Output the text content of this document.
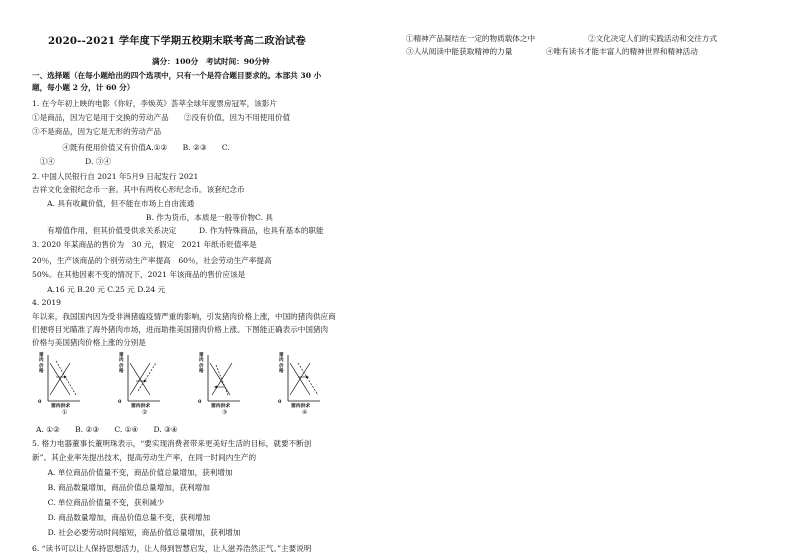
2020--2021 学年度下学期五校期末联考高二政治试卷
满分：100分　考试时间：90分钟
一、选择题（在每小题给出的四个选项中，只有一个是符合题目要求的。本部共 30 小
题，每小题 2 分，计 60 分）
1. 在今年初上映的电影《你好，李焕英》荟萃全球年度票房冠军，该影片
①是商品，因为它是用于交换的劳动产品　　②没有价值，因为不用使用价值
③不是商品，因为它是无形的劳动产品
　　　　④既有使用价值又有价值A.①②　　B. ②③　　C.
　①④　　　　D. ③④
2. 中国人民银行自 2021 年5月9 日起发行 2021
吉祥文化金银纪念币一套。其中有两枚心形纪念币。该套纪念币
　　A. 具有收藏价值，但不能在市场上自由流通
　　　　　　　　　　　　　　　B. 作为货币，本质是一般等价物C. 具
　　有增值作用，但其价值受供求关系决定　　　D. 作为特殊商品，也具有基本的职能
3. 2020 年某商品的售价为　30 元，假定　2021 年纸币贬值率是
20％，生产该商品的个别劳动生产率提高　60％，社会劳动生产率提高
50%。在其他因素不变的情况下，2021 年该商品的售价应该是
　　A.16 元 B.20 元 C.25 元 D.24 元
4. 2019
年以来，我国国内因为受非洲猪瘟疫情严重的影响，引发猪肉价格上涨，中国的猪肉供应商
们便将目光瞄准了海外猪肉市场，进而助推美国猪肉价格上涨。下图能正确表示中国猪肉
价格与美国猪肉价格上涨的分别是
A. ①②　　B. ②③　　C. ①④　　D. ③④
5. 格力电器董事长董明珠表示，“要实现消费者带来更美好生活的目标，就要不断创
新”。其企业率先提出技术，提高劳动生产率，在同一时间内生产的
　A. 单位商品价值量不变，商品价值总量增加，获利增加
　B. 商品数量增加，商品价值总量增加，获利增加
　C. 单位商品价值量不变，获利减少
　D. 商品数量增加，商品价值总量不变，获利增加
　D. 社会必要劳动时间缩短，商品价值总量增加，获利增加
6. “读书可以让人保持思想活力，让人得到智慧启发，让人滋养浩然正气。”主要说明
猪肉价格
0
猪肉供求
①
猪肉价格
0
猪肉供求
②
猪肉价格
0
猪肉供求
③
猪肉价格
0
猪肉供求
④
①精神产品凝结在一定的物质载体之中	②文化决定人们的实践活动和交往方式
③人从阅读中能获取精神的力量	④唯有读书才能丰富人的精神世界和精神活动
